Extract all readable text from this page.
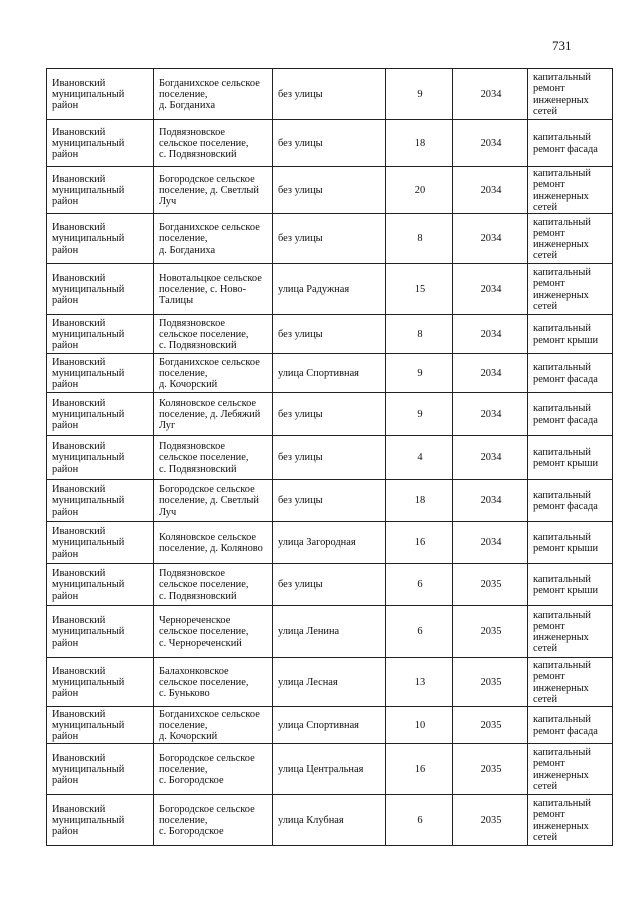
731
Ивановский
муниципальный
район	Богданихское сельское
поселение,
д. Богданиха	без улицы	9	2034	капитальный
ремонт
инженерных
сетей

Ивановский
муниципальный
район	Подвязновское
сельское поселение,
с. Подвязновский	без улицы	18	2034	капитальный
ремонт фасада

Ивановский
муниципальный
район	Богородское сельское
поселение, д. Светлый
Луч	без улицы	20	2034	капитальный
ремонт
инженерных
сетей

Ивановский
муниципальный
район	Богданихское сельское
поселение,
д. Богданиха	без улицы	8	2034	капитальный
ремонт
инженерных
сетей

Ивановский
муниципальный
район	Новотальцкое сельское
поселение, с. Ново-
Талицы	улица Радужная	15	2034	капитальный
ремонт
инженерных
сетей

Ивановский
муниципальный
район	Подвязновское
сельское поселение,
с. Подвязновский	без улицы	8	2034	капитальный
ремонт крыши

Ивановский
муниципальный
район	Богданихское сельское
поселение,
д. Кочорский	улица Спортивная	9	2034	капитальный
ремонт фасада

Ивановский
муниципальный
район	Коляновское сельское
поселение, д. Лебяжий
Луг	без улицы	9	2034	капитальный
ремонт фасада

Ивановский
муниципальный
район	Подвязновское
сельское поселение,
с. Подвязновский	без улицы	4	2034	капитальный
ремонт крыши

Ивановский
муниципальный
район	Богородское сельское
поселение, д. Светлый
Луч	без улицы	18	2034	капитальный
ремонт фасада

Ивановский
муниципальный
район	Коляновское сельское
поселение, д. Коляново	улица Загородная	16	2034	капитальный
ремонт крыши

Ивановский
муниципальный
район	Подвязновское
сельское поселение,
с. Подвязновский	без улицы	6	2035	капитальный
ремонт крыши

Ивановский
муниципальный
район	Чернореченское
сельское поселение,
с. Чернореченский	улица Ленина	6	2035	капитальный
ремонт
инженерных
сетей

Ивановский
муниципальный
район	Балахонковское
сельское поселение,
с. Буньково	улица Лесная	13	2035	капитальный
ремонт
инженерных
сетей

Ивановский
муниципальный
район	Богданихское сельское
поселение,
д. Кочорский	улица Спортивная	10	2035	капитальный
ремонт фасада

Ивановский
муниципальный
район	Богородское сельское
поселение,
с. Богородское	улица Центральная	16	2035	капитальный
ремонт
инженерных
сетей

Ивановский
муниципальный
район	Богородское сельское
поселение,
с. Богородское	улица Клубная	6	2035	капитальный
ремонт
инженерных
сетей
